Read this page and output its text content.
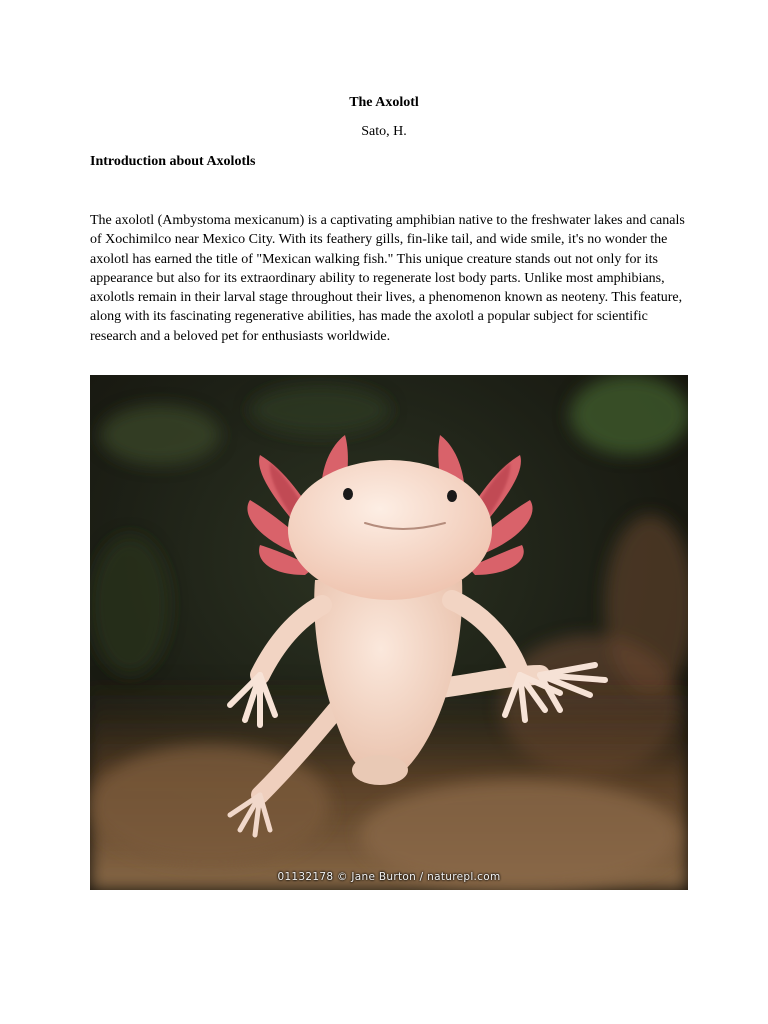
The Axolotl
Sato, H.
Introduction about Axolotls

The axolotl (Ambystoma mexicanum) is a captivating amphibian native to the freshwater lakes and canals of Xochimilco near Mexico City. With its feathery gills, fin-like tail, and wide smile, it's no wonder the axolotl has earned the title of "Mexican walking fish." This unique creature stands out not only for its appearance but also for its extraordinary ability to regenerate lost body parts. Unlike most amphibians, axolotls remain in their larval stage throughout their lives, a phenomenon known as neoteny. This feature, along with its fascinating regenerative abilities, has made the axolotl a popular subject for scientific research and a beloved pet for enthusiasts worldwide.

01132178 © Jane Burton / naturepl.com
